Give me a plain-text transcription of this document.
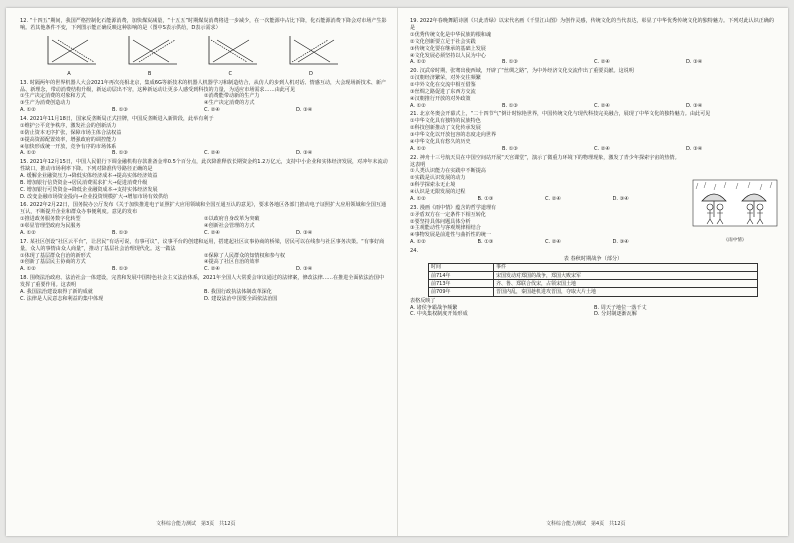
12. “十四五”期间，我国严格控制化石能源消费，加快煤炭减量，“十五五”时期煤炭消费将进一步减少，在一次能源中占比下降，化石能源消费下降会对市场产生影响。若其他条件不变，下列图示能正确反映这种影响的是（图中S表示供给，D表示需求）

A	B	C	D

13. 时隔两年的世界机器人大会2021年再次亮相北京，集成6G等新技术的机器人机器学习和制造结合，从仿人的步到人机对话、情感互动，大会现场新技术、新产品、新理念，带动消费结构升级，新运动层出不穷，这种新运动让更多人感受到科技的力量，为适应市场需求……由此可见

①生产决定消费的对象和方式	②消费能带动新的生产力
③生产为消费创造动力	④生产决定消费的方式
A. ①②	B. ①③	C. ②④	D. ③④

14. 2021年11月18日，国家反垄断局正式挂牌，中国反垄断进入新阶段，此举有利于

①维护公平竞争秩序，激发社会的创新活力

②防止资本无序扩张，保障市场主体合法权益

③提高资源配置效率，增强政府的调控能力

④加快形成统一开放，竞争有序的市场体系

A. ①②	B. ①③	C. ②④	D. ③④

15. 2021年12月15日，中国人民银行下调金融机构存款准备金率0.5个百分点，此次降准释放长期资金约1.2万亿元，支持中小企业和实体经济发展，对冲年末流动性缺口，推动市场利率下降。下列对降准传导路径正确的是

A. 缓解企业融资压力→降低实体经济成本→提高实体经济效益

B. 增加银行信贷资金→居民消费需求扩大→促进消费升级

C. 增加银行可贷资金→降低企业融资成本→支持实体经济发展

D. 改变金融市场资金投向→企业投资规模扩大→增加市场有效供给

16. 2022年2月22日，国务院办公厅发布《关于加快推进电子证照扩大应用领域和全国互通互认的意见》，要求各地区各部门推动电子证照扩大应用领域和全国互通互认，不断提升企业和群众办事便利度。意见的发布

①推进政务服务数字化转型	②以政府自身改革为突破
③彰显管理型政府为民服务	④创新社会管理的方式
A. ①②	B. ①③	C. ②④	D. ③④

17. 某社区创设“社区云平台”，让居民“有话可说，有事可议”，议事平台的创建和运用，搭建起社区议事协商的桥梁，居民可以在线参与社区事务决策。“有事好商量，众人的事情由众人商量”，推动了基层社会治理现代化。这一做法

①体现了基层群众自治的新形式	②保障了人民群众的知情权和参与权
③创新了基层民主协商的方式	④提高了社区自治的效率
A. ①②	B. ①③	C. ②④	D. ③④

18. 围绕法治政府、法治社会一体建设，完善和发展中国特色社会主义法治体系，2021年全国人大常委会审议通过的法律案，修改法律……在推进全面依法治国中发挥了重要作用。这表明

A. 我国法治建设取得了新的成就	B. 我国行政执法体制改革深化
C. 法律是人民意志和利益的集中体现	D. 建设法治中国要全面依法治国
文科综合能力测试　第3页　共12页

19. 2022年春晚舞蹈诗剧《只此青绿》以宋代名画《千里江山图》为创作灵感，传统文化的当代表达，彰显了中华优秀传统文化的独特魅力。下列对此认识正确的是

①优秀传统文化是中华民族的根和魂

②文化创新要立足于社会实践

③传统文化要在继承的基础上发展

④文化发展必须坚持以人民为中心

A. ①②	B. ①③	C. ②④	D. ③④

20. 汉武帝时期，张骞出使西域，开辟了“丝绸之路”，为中外经济文化交流作出了重要贡献。这说明

①汉朝经济繁荣，对外交往频繁

②中外文化在交流中相互借鉴

③丝绸之路促进了东西方交流

④汉朝推行开放的对外政策

A. ①②	B. ①③	C. ②④	D. ③④

21. 北京冬奥会开幕式上，“二十四节气”倒计时惊艳世界，中国传统文化与现代科技完美融合，展现了中华文化的独特魅力。由此可见

①中华文化具有独特的民族特色

②科技创新推动了文化传承发展

③中华文化以开放包容的态度走向世界

④中华文化具有悠久的历史

A. ①②	B. ①③	C. ②④	D. ③④

22. 神舟十三号航天员在中国空间站开展“天宫课堂”，演示了微重力环境下的物理现象，激发了青少年探索宇宙的热情。这表明

①人类认识能力在实践中不断提高

②实践是认识发展的动力

③科学探索永无止境

④认识是无限发展的过程

A. ①②	B. ①③	C. ②④	D. ③④
《雨中情》

23. 漫画《雨中情》蕴含的哲学道理有

①矛盾双方在一定条件下相互转化

②要坚持具体问题具体分析

③主观能动性与客观规律相结合

④事物发展是前进性与曲折性的统一

A. ①②	B. ①③	C. ②④	D. ③④

24.

表 春秋时期战争（部分）
时间	事件
前714年	宋国发动对郑国的战争，郑国大败宋军
前713年	齐、鲁、郑联合伐宋，占领宋国土地
前709年	晋国内乱，秦国趁机进攻晋国，夺取大片土地

表格反映了

A. 诸侯争霸战争频繁	B. 周天子地位一落千丈
C. 中央集权制度开始形成	D. 分封制逐渐瓦解
文科综合能力测试　第4页　共12页
